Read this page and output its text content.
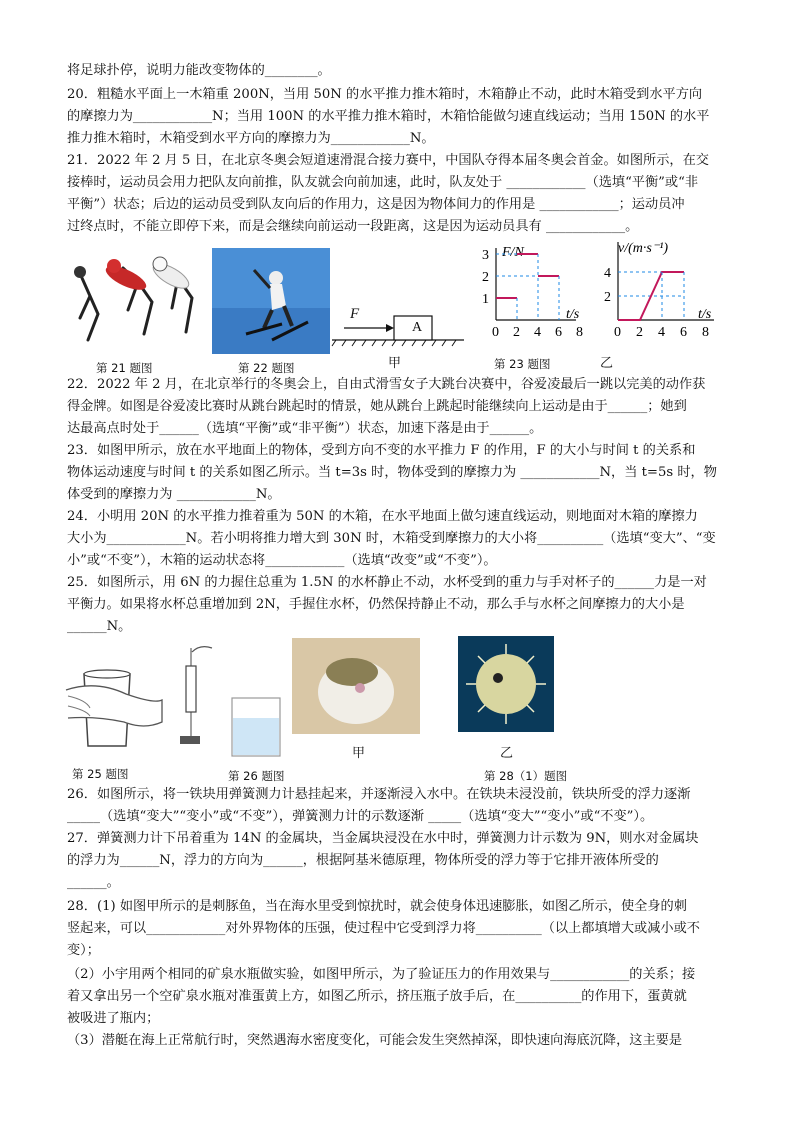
将足球扑停，说明力能改变物体的________。
20．粗糙水平面上一木箱重 200N，当用 50N 的水平推力推木箱时，木箱静止不动，此时木箱受到水平方向
的摩擦力为____________N；当用 100N 的水平推力推木箱时，木箱恰能做匀速直线运动；当用 150N 的水平
推力推木箱时，木箱受到水平方向的摩擦力为____________N。
21．2022 年 2 月 5 日，在北京冬奥会短道速滑混合接力赛中，中国队夺得本届冬奥会首金。如图所示，在交
接棒时，运动员会用力把队友向前推，队友就会向前加速，此时，队友处于 ____________（选填“平衡”或“非
平衡”）状态；后边的运动员受到队友向后的作用力，这是因为物体间力的作用是 ____________；运动员冲
过终点时，不能立即停下来，而是会继续向前运动一段距离，这是因为运动员具有 ____________。
22．2022 年 2 月，在北京举行的冬奥会上，自由式滑雪女子大跳台决赛中，谷爱凌最后一跳以完美的动作获
得金牌。如图是谷爱凌比赛时从跳台跳起时的情景，她从跳台上跳起时能继续向上运动是由于______；她到
达最高点时处于______（选填“平衡”或“非平衡”）状态，加速下落是由于______。
23．如图甲所示，放在水平地面上的物体，受到方向不变的水平推力 F 的作用，F 的大小与时间 t 的关系和
物体运动速度与时间 t 的关系如图乙所示。当 t=3s 时，物体受到的摩擦力为 ____________N，当 t=5s 时，物
体受到的摩擦力为 ____________N。
24．小明用 20N 的水平推力推着重为 50N 的木箱，在水平地面上做匀速直线运动，则地面对木箱的摩擦力
大小为____________N。若小明将推力增大到 30N 时，木箱受到摩擦力的大小将__________（选填“变大”、“变
小”或“不变”），木箱的运动状态将____________（选填“改变”或“不变”）。
25．如图所示，用 6N 的力握住总重为 1.5N 的水杯静止不动，水杯受到的重力与手对杯子的______力是一对
平衡力。如果将水杯总重增加到 2N，手握住水杯，仍然保持静止不动，那么手与水杯之间摩擦力的大小是
______N。
26．如图所示，将一铁块用弹簧测力计悬挂起来，并逐渐浸入水中。在铁块未浸没前，铁块所受的浮力逐渐
_____（选填“变大”“变小”或“不变”），弹簧测力计的示数逐渐 _____（选填“变大”“变小”或“不变”）。
27．弹簧测力计下吊着重为 14N 的金属块，当金属块浸没在水中时，弹簧测力计示数为 9N，则水对金属块
的浮力为______N，浮力的方向为______，根据阿基米德原理，物体所受的浮力等于它排开液体所受的
______。
28．(1) 如图甲所示的是刺豚鱼，当在海水里受到惊扰时，就会使身体迅速膨胀，如图乙所示，使全身的刺
竖起来，可以____________对外界物体的压强，使过程中它受到浮力将__________（以上都填增大或减小或不
变）；
（2）小宇用两个相同的矿泉水瓶做实验，如图甲所示，为了验证压力的作用效果与____________的关系；接
着又拿出另一个空矿泉水瓶对准蛋黄上方，如图乙所示，挤压瓶子放手后，在__________的作用下，蛋黄就
被吸进了瓶内；
（3）潜艇在海上正常航行时，突然遇海水密度变化，可能会发生突然掉深，即快速向海底沉降，这主要是
第 21 题图	第 22 题图
F
A
甲
F/N
t/s
0 2 4 6 8
1
2
3
第 23 题图
v/(m·s⁻¹)
t/s
0 2 4 6 8
2
4
乙
第 25 题图	第 26 题图
甲	乙
第 28（1）题图
